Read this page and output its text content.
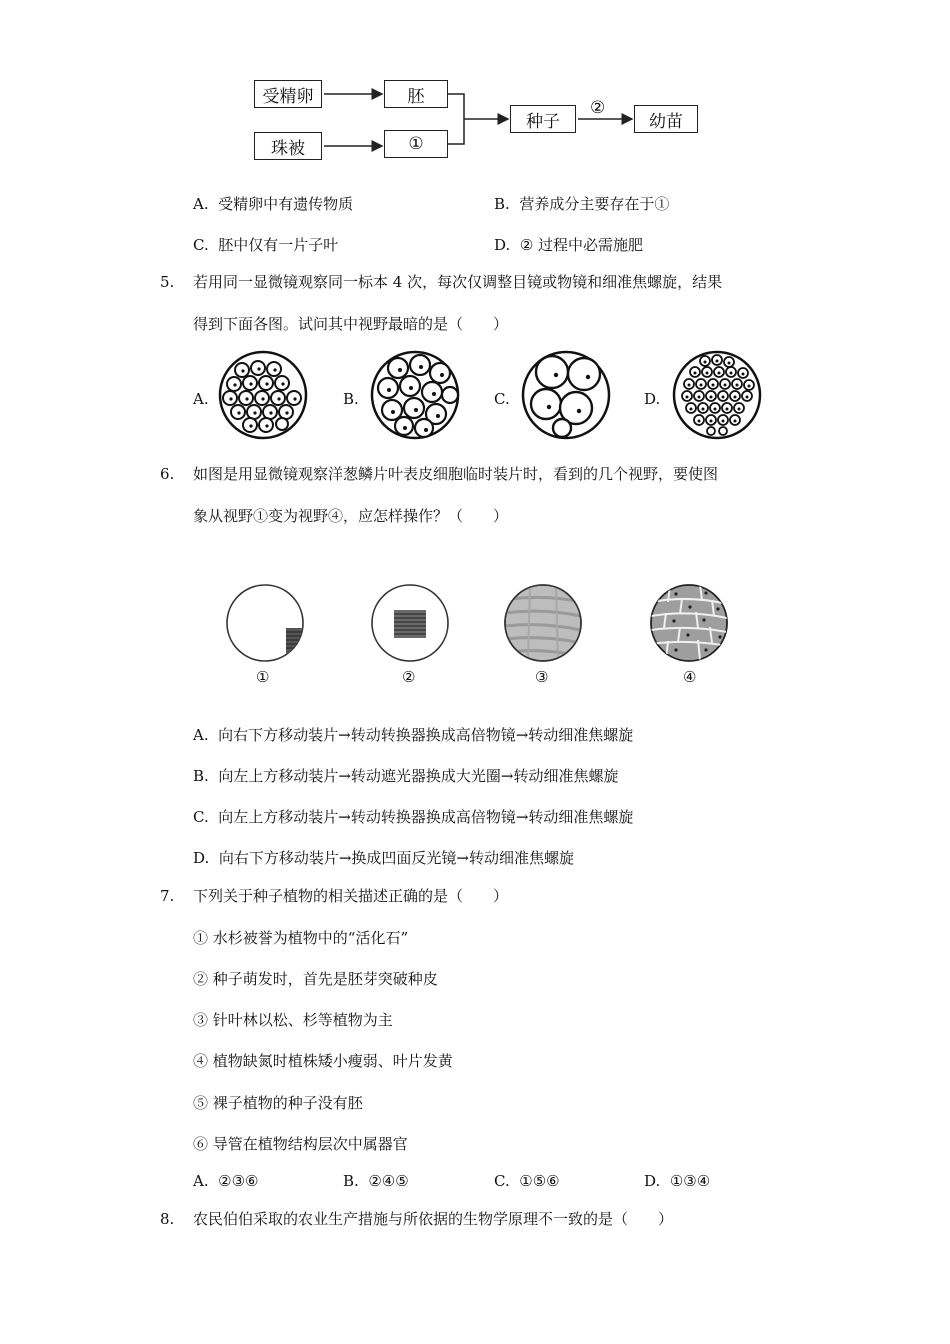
受精卵	胚
珠被	①
种子	幼苗
②
A. 受精卵中有遗传物质	B. 营养成分主要存在于①
C. 胚中仅有一片子叶	D. ② 过程中必需施肥
5. 若用同一显微镜观察同一标本 4 次，每次仅调整目镜或物镜和细准焦螺旋，结果
得到下面各图。试问其中视野最暗的是（　　）
A.	B.	C.	D.
6. 如图是用显微镜观察洋葱鳞片叶表皮细胞临时装片时，看到的几个视野，要使图
象从视野①变为视野④，应怎样操作？（　　）
①	②	③	④
A. 向右下方移动装片→转动转换器换成高倍物镜→转动细准焦螺旋
B. 向左上方移动装片→转动遮光器换成大光圈→转动细准焦螺旋
C. 向左上方移动装片→转动转换器换成高倍物镜→转动细准焦螺旋
D. 向右下方移动装片→换成凹面反光镜→转动细准焦螺旋
7. 下列关于种子植物的相关描述正确的是（　　）
① 水杉被誉为植物中的“活化石”
② 种子萌发时，首先是胚芽突破种皮
③ 针叶林以松、杉等植物为主
④ 植物缺氮时植株矮小瘦弱、叶片发黄
⑤ 裸子植物的种子没有胚
⑥ 导管在植物结构层次中属器官
A. ②③⑥	B. ②④⑤	C. ①⑤⑥	D. ①③④
8. 农民伯伯采取的农业生产措施与所依据的生物学原理不一致的是（　　）
